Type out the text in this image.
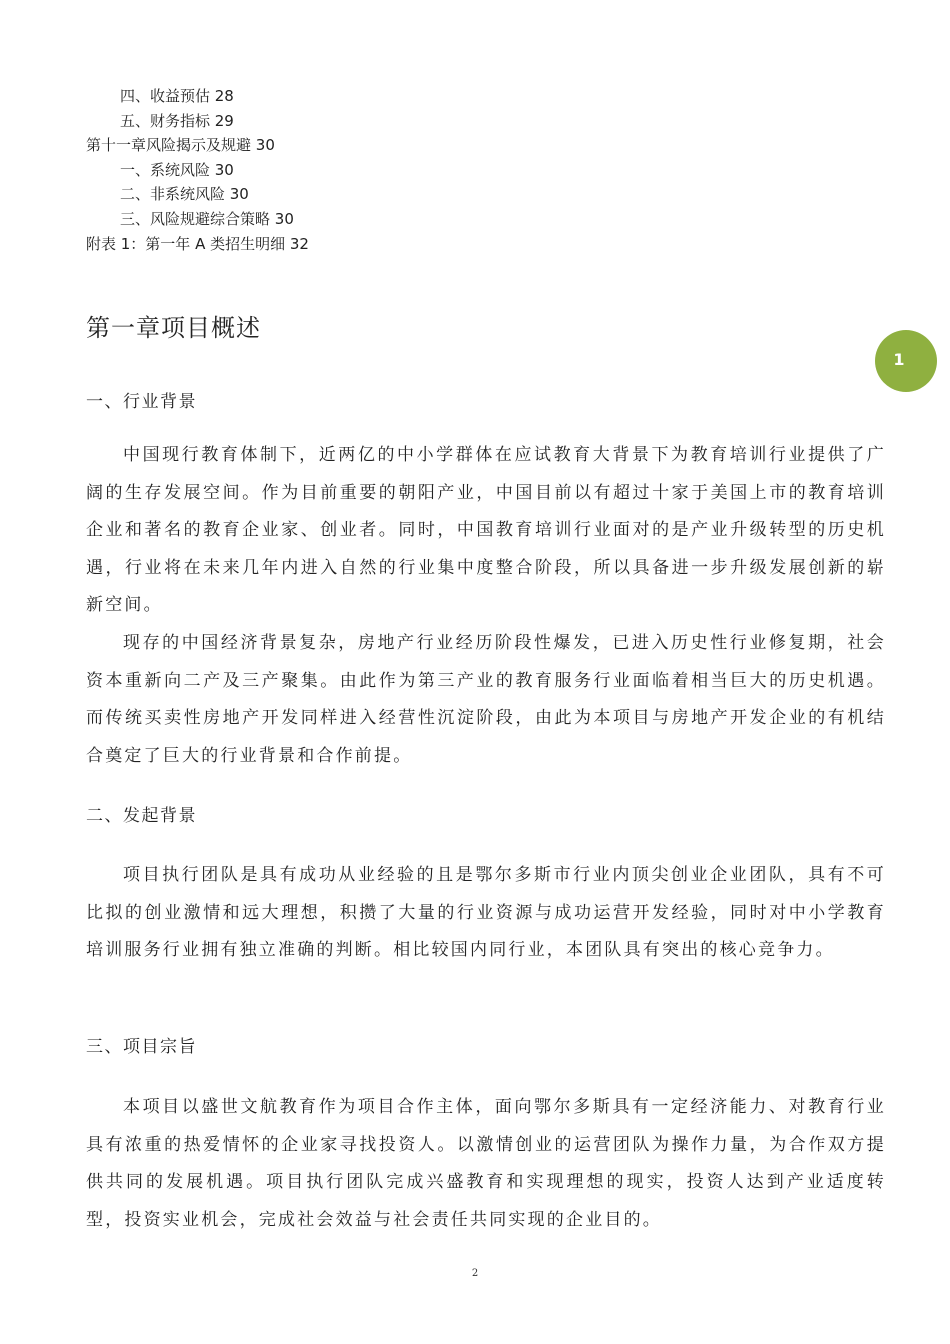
四、收益预估 28
五、财务指标 29
第十一章风险揭示及规避 30
一、系统风险 30
二、非系统风险 30
三、风险规避综合策略 30
附表 1：第一年 A 类招生明细 32
第一章项目概述
1
一、行业背景

中国现行教育体制下，近两亿的中小学群体在应试教育大背景下为教育培训行业提供了广阔的生存发展空间。作为目前重要的朝阳产业，中国目前以有超过十家于美国上市的教育培训企业和著名的教育企业家、创业者。同时，中国教育培训行业面对的是产业升级转型的历史机遇，行业将在未来几年内进入自然的行业集中度整合阶段，所以具备进一步升级发展创新的崭新空间。

现存的中国经济背景复杂，房地产行业经历阶段性爆发，已进入历史性行业修复期，社会资本重新向二产及三产聚集。由此作为第三产业的教育服务行业面临着相当巨大的历史机遇。而传统买卖性房地产开发同样进入经营性沉淀阶段，由此为本项目与房地产开发企业的有机结合奠定了巨大的行业背景和合作前提。

二、发起背景

项目执行团队是具有成功从业经验的且是鄂尔多斯市行业内顶尖创业企业团队，具有不可比拟的创业激情和远大理想，积攒了大量的行业资源与成功运营开发经验，同时对中小学教育培训服务行业拥有独立准确的判断。相比较国内同行业，本团队具有突出的核心竞争力。

三、项目宗旨

本项目以盛世文航教育作为项目合作主体，面向鄂尔多斯具有一定经济能力、对教育行业具有浓重的热爱情怀的企业家寻找投资人。以激情创业的运营团队为操作力量，为合作双方提供共同的发展机遇。项目执行团队完成兴盛教育和实现理想的现实，投资人达到产业适度转型，投资实业机会，完成社会效益与社会责任共同实现的企业目的。

2
